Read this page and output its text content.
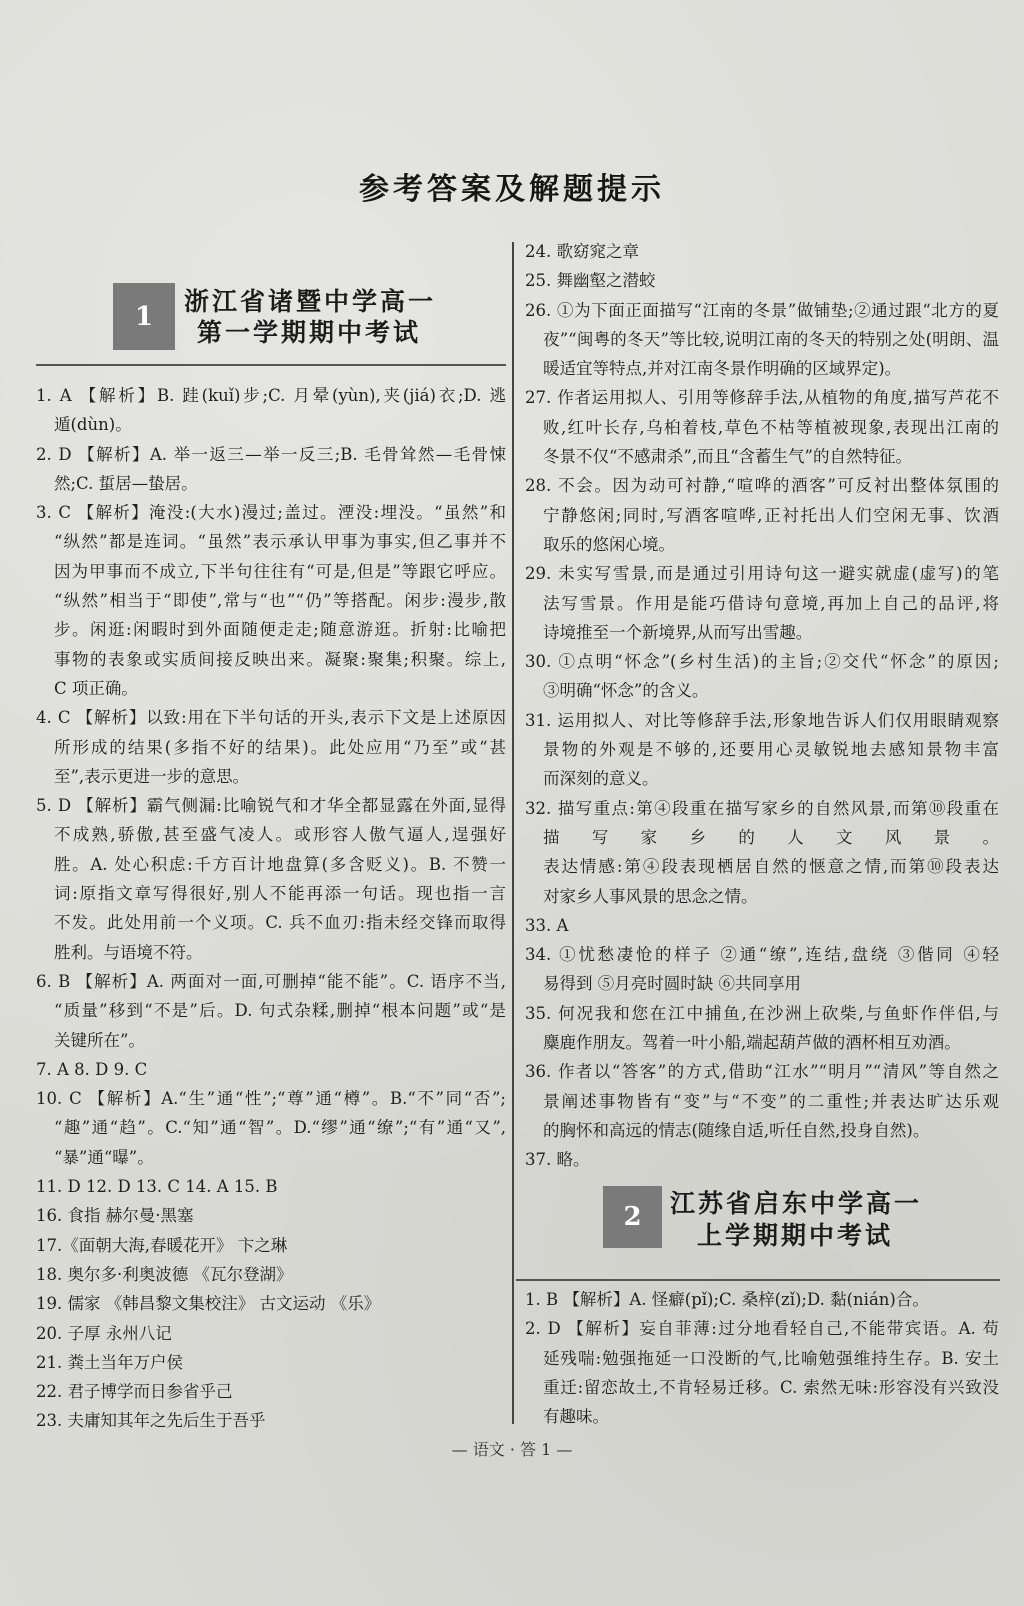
参考答案及解题提示
1	浙江省诸暨中学高一
第一学期期中考试
1. A 【解析】B. 跬(kuǐ)步;C. 月晕(yùn),夹(jiá)衣;D. 逃
遁(dùn)。
2. D 【解析】A. 举一返三—举一反三;B. 毛骨耸然—毛骨悚
然;C. 蜇居—蛰居。
3. C 【解析】淹没:(大水)漫过;盖过。湮没:埋没。“虽然”和
“纵然”都是连词。“虽然”表示承认甲事为事实,但乙事并不
因为甲事而不成立,下半句往往有“可是,但是”等跟它呼应。
“纵然”相当于“即使”,常与“也”“仍”等搭配。闲步:漫步,散
步。闲逛:闲暇时到外面随便走走;随意游逛。折射:比喻把
事物的表象或实质间接反映出来。凝聚:聚集;积聚。综上,
C 项正确。
4. C 【解析】以致:用在下半句话的开头,表示下文是上述原因
所形成的结果(多指不好的结果)。此处应用“乃至”或“甚
至”,表示更进一步的意思。
5. D 【解析】霸气侧漏:比喻锐气和才华全都显露在外面,显得
不成熟,骄傲,甚至盛气凌人。或形容人傲气逼人,逞强好
胜。A. 处心积虑:千方百计地盘算(多含贬义)。B. 不赞一
词:原指文章写得很好,别人不能再添一句话。现也指一言
不发。此处用前一个义项。C. 兵不血刃:指未经交锋而取得
胜利。与语境不符。
6. B 【解析】A. 两面对一面,可删掉“能不能”。C. 语序不当,
“质量”移到“不是”后。D. 句式杂糅,删掉“根本问题”或“是
关键所在”。
7. A 8. D 9. C
10. C 【解析】A.“生”通“性”;“尊”通“樽”。B.“不”同“否”;
“趣”通“趋”。C.“知”通“智”。D.“缪”通“缭”;“有”通“又”,
“暴”通“曝”。
11. D 12. D 13. C 14. A 15. B
16. 食指 赫尔曼·黑塞
17.《面朝大海,春暖花开》 卞之琳
18. 奥尔多·利奥波德 《瓦尔登湖》
19. 儒家 《韩昌黎文集校注》 古文运动 《乐》
20. 子厚 永州八记
21. 粪土当年万户侯
22. 君子博学而日参省乎己
23. 夫庸知其年之先后生于吾乎
24. 歌窈窕之章
25. 舞幽壑之潜蛟
26. ①为下面正面描写“江南的冬景”做铺垫;②通过跟“北方的夏
夜”“闽粤的冬天”等比较,说明江南的冬天的特别之处(明朗、温
暖适宜等特点,并对江南冬景作明确的区域界定)。
27. 作者运用拟人、引用等修辞手法,从植物的角度,描写芦花不
败,红叶长存,乌桕着枝,草色不枯等植被现象,表现出江南的
冬景不仅“不感肃杀”,而且“含蓄生气”的自然特征。
28. 不会。因为动可衬静,“喧哗的酒客”可反衬出整体氛围的
宁静悠闲;同时,写酒客喧哗,正衬托出人们空闲无事、饮酒
取乐的悠闲心境。
29. 未实写雪景,而是通过引用诗句这一避实就虚(虚写)的笔
法写雪景。作用是能巧借诗句意境,再加上自己的品评,将
诗境推至一个新境界,从而写出雪趣。
30. ①点明“怀念”(乡村生活)的主旨;②交代“怀念”的原因;
③明确“怀念”的含义。
31. 运用拟人、对比等修辞手法,形象地告诉人们仅用眼睛观察
景物的外观是不够的,还要用心灵敏锐地去感知景物丰富
而深刻的意义。
32. 描写重点:第④段重在描写家乡的自然风景,而第⑩段重在
描写家乡的人文风景。
表达情感:第④段表现栖居自然的惬意之情,而第⑩段表达
对家乡人事风景的思念之情。
33. A
34. ①忧愁凄怆的样子 ②通“缭”,连结,盘绕 ③偕同 ④轻
易得到 ⑤月亮时圆时缺 ⑥共同享用
35. 何况我和您在江中捕鱼,在沙洲上砍柴,与鱼虾作伴侣,与
麋鹿作朋友。驾着一叶小船,端起葫芦做的酒杯相互劝酒。
36. 作者以“答客”的方式,借助“江水”“明月”“清风”等自然之
景阐述事物皆有“变”与“不变”的二重性;并表达旷达乐观
的胸怀和高远的情志(随缘自适,听任自然,投身自然)。
37. 略。
2	江苏省启东中学高一
上学期期中考试
1. B 【解析】A. 怪癖(pǐ);C. 桑梓(zǐ);D. 黏(nián)合。
2. D 【解析】妄自菲薄:过分地看轻自己,不能带宾语。A. 苟
延残喘:勉强拖延一口没断的气,比喻勉强维持生存。B. 安土
重迁:留恋故土,不肯轻易迁移。C. 索然无味:形容没有兴致没
有趣味。
— 语文 · 答 1 —
